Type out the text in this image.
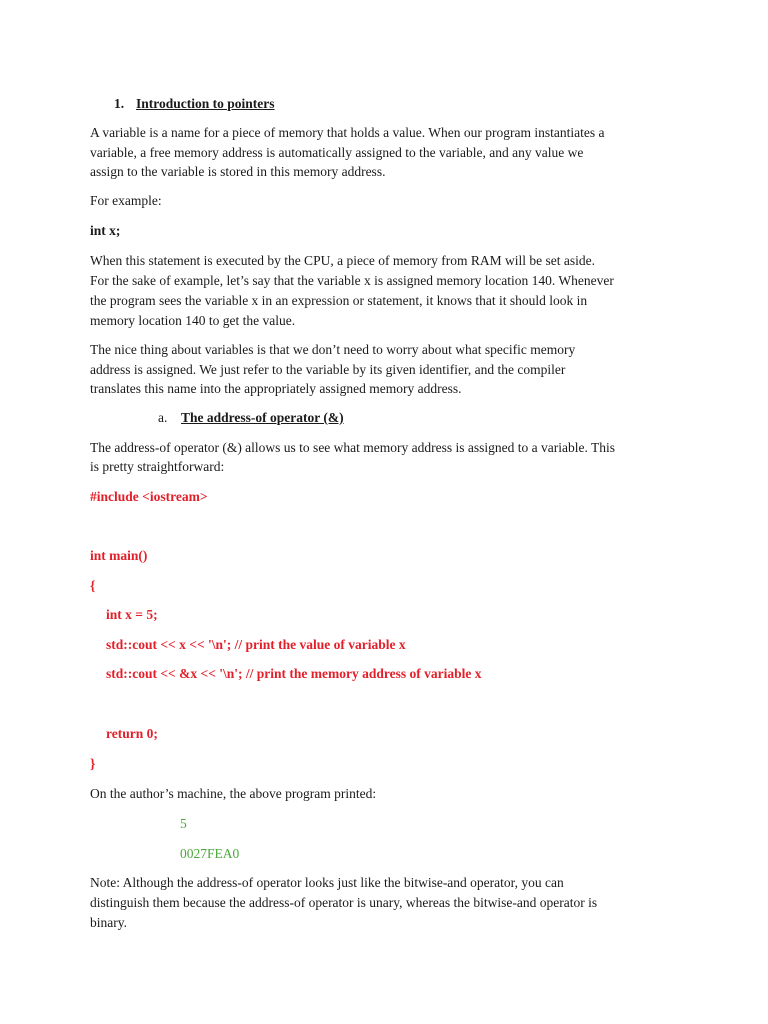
1. Introduction to pointers
A variable is a name for a piece of memory that holds a value. When our program instantiates a
variable, a free memory address is automatically assigned to the variable, and any value we
assign to the variable is stored in this memory address.
For example:
int x;
When this statement is executed by the CPU, a piece of memory from RAM will be set aside.
For the sake of example, let’s say that the variable x is assigned memory location 140. Whenever
the program sees the variable x in an expression or statement, it knows that it should look in
memory location 140 to get the value.
The nice thing about variables is that we don’t need to worry about what specific memory
address is assigned. We just refer to the variable by its given identifier, and the compiler
translates this name into the appropriately assigned memory address.
a. The address-of operator (&)
The address-of operator (&) allows us to see what memory address is assigned to a variable. This
is pretty straightforward:
#include <iostream>
int main()
{
int x = 5;
std::cout << x << '\n'; // print the value of variable x
std::cout << &x << '\n'; // print the memory address of variable x
return 0;
}
On the author’s machine, the above program printed:
5
0027FEA0
Note: Although the address-of operator looks just like the bitwise-and operator, you can
distinguish them because the address-of operator is unary, whereas the bitwise-and operator is
binary.
